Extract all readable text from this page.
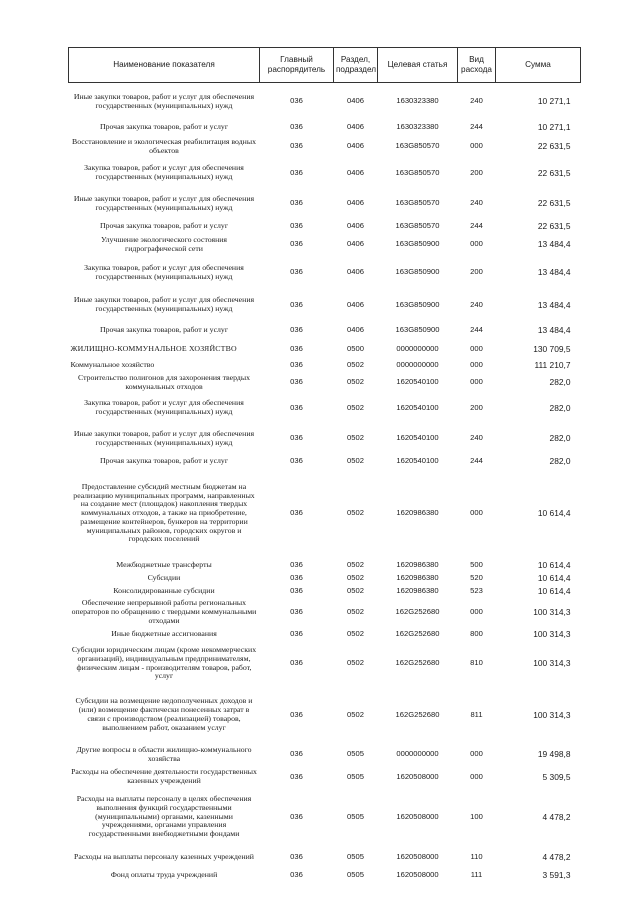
Наименование показателя	Главный распорядитель	Раздел, подраздел	Целевая статья	Вид расхода	Сумма
Иные закупки товаров, работ и услуг для обеспечения государственных (муниципальных) нужд	036	0406	1630323380	240	10 271,1
Прочая закупка товаров, работ и услуг	036	0406	1630323380	244	10 271,1
Восстановление и экологическая реабилитация водных объектов	036	0406	163G850570	000	22 631,5
Закупка товаров, работ и услуг для обеспечения государственных (муниципальных) нужд	036	0406	163G850570	200	22 631,5
Иные закупки товаров, работ и услуг для обеспечения государственных (муниципальных) нужд	036	0406	163G850570	240	22 631,5
Прочая закупка товаров, работ и услуг	036	0406	163G850570	244	22 631,5
Улучшение экологического состояния гидрографической сети	036	0406	163G850900	000	13 484,4
Закупка товаров, работ и услуг для обеспечения государственных (муниципальных) нужд	036	0406	163G850900	200	13 484,4
Иные закупки товаров, работ и услуг для обеспечения государственных (муниципальных) нужд	036	0406	163G850900	240	13 484,4
Прочая закупка товаров, работ и услуг	036	0406	163G850900	244	13 484,4
ЖИЛИЩНО-КОММУНАЛЬНОЕ ХОЗЯЙСТВО	036	0500	0000000000	000	130 709,5
Коммунальное хозяйство	036	0502	0000000000	000	111 210,7
Строительство полигонов для захоронения твердых коммунальных отходов	036	0502	1620540100	000	282,0
Закупка товаров, работ и услуг для обеспечения государственных (муниципальных) нужд	036	0502	1620540100	200	282,0
Иные закупки товаров, работ и услуг для обеспечения государственных (муниципальных) нужд	036	0502	1620540100	240	282,0
Прочая закупка товаров, работ и услуг	036	0502	1620540100	244	282,0
Предоставление субсидий местным бюджетам на реализацию муниципальных программ, направленных на создание мест (площадок) накопления твердых коммунальных отходов, а также на приобретение, размещение контейнеров, бункеров на территории муниципальных районов, городских округов и городских поселений	036	0502	1620986380	000	10 614,4
Межбюджетные трансферты	036	0502	1620986380	500	10 614,4
Субсидии	036	0502	1620986380	520	10 614,4
Консолидированные субсидии	036	0502	1620986380	523	10 614,4
Обеспечение непрерывной работы региональных операторов по обращению с твердыми коммунальными отходами	036	0502	162G252680	000	100 314,3
Иные бюджетные ассигнования	036	0502	162G252680	800	100 314,3
Субсидии юридическим лицам (кроме некоммерческих организаций), индивидуальным предпринимателям, физическим лицам - производителям товаров, работ, услуг	036	0502	162G252680	810	100 314,3
Субсидии на возмещение недополученных доходов и (или) возмещение фактически понесенных затрат в связи с производством (реализацией) товаров, выполнением работ, оказанием услуг	036	0502	162G252680	811	100 314,3
Другие вопросы в области жилищно-коммунального хозяйства	036	0505	0000000000	000	19 498,8
Расходы на обеспечение деятельности государственных казенных учреждений	036	0505	1620508000	000	5 309,5
Расходы на выплаты персоналу в целях обеспечения выполнения функций государственными (муниципальными) органами, казенными учреждениями, органами управления государственными внебюджетными фондами	036	0505	1620508000	100	4 478,2
Расходы на выплаты персоналу казенных учреждений	036	0505	1620508000	110	4 478,2
Фонд оплаты труда учреждений	036	0505	1620508000	111	3 591,3
